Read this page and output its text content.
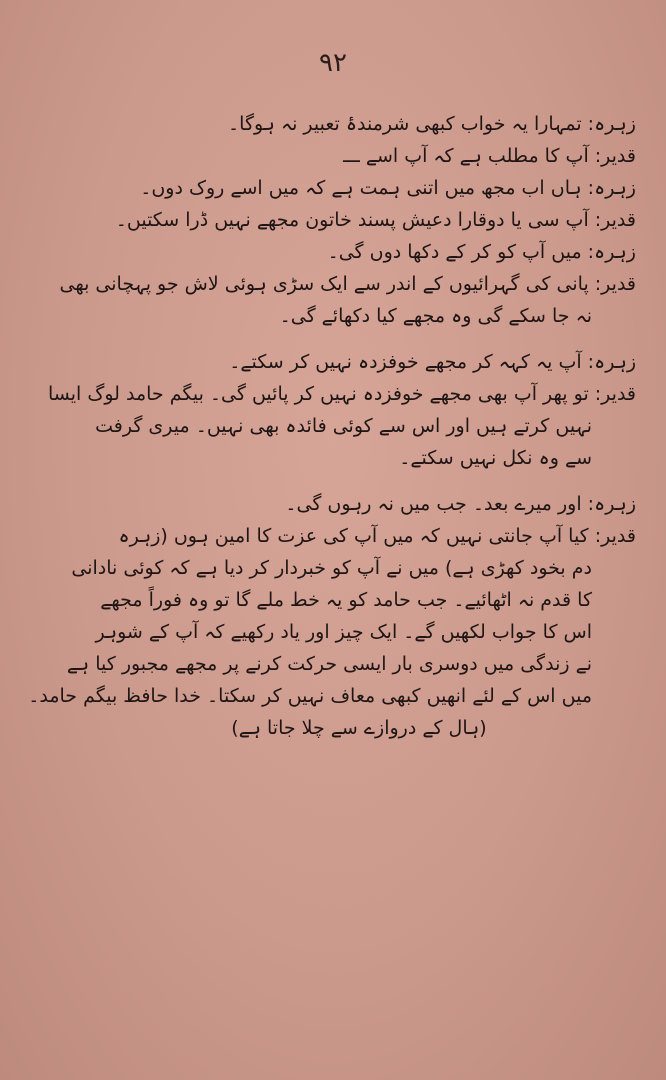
۹۲
زہرہ: تمہارا یہ خواب کبھی شرمندۂ تعبیر نہ ہوگا۔
قدیر: آپ کا مطلب ہے کہ آپ اسے ـــ
زہرہ: ہاں اب مجھ میں اتنی ہمت ہے کہ میں اسے روک دوں۔
قدیر: آپ سی یا دوقارا دعیش پسند خاتون مجھے نہیں ڈرا سکتیں۔
زہرہ: میں آپ کو کر کے دکھا دوں گی۔
قدیر: پانی کی گہرائیوں کے اندر سے ایک سڑی ہوئی لاش جو پہچانی بھی
نہ جا سکے گی وہ مجھے کیا دکھائے گی۔
زہرہ: آپ یہ کہہ کر مجھے خوفزدہ نہیں کر سکتے۔
قدیر: تو پھر آپ بھی مجھے خوفزدہ نہیں کر پائیں گی۔ بیگم حامد لوگ ایسا
نہیں کرتے ہیں اور اس سے کوئی فائدہ بھی نہیں۔ میری گرفت
سے وہ نکل نہیں سکتے۔
زہرہ: اور میرے بعد۔ جب میں نہ رہوں گی۔
قدیر: کیا آپ جانتی نہیں کہ میں آپ کی عزت کا امین ہوں (زہرہ
دم بخود کھڑی ہے) میں نے آپ کو خبردار کر دیا ہے کہ کوئی نادانی
کا قدم نہ اٹھائیے۔ جب حامد کو یہ خط ملے گا تو وہ فوراً مجھے
اس کا جواب لکھیں گے۔ ایک چیز اور یاد رکھیے کہ آپ کے شوہر
نے زندگی میں دوسری بار ایسی حرکت کرنے پر مجھے مجبور کیا ہے
میں اس کے لئے انھیں کبھی معاف نہیں کر سکتا۔ خدا حافظ بیگم حامد۔
(ہال کے دروازے سے چلا جاتا ہے)
